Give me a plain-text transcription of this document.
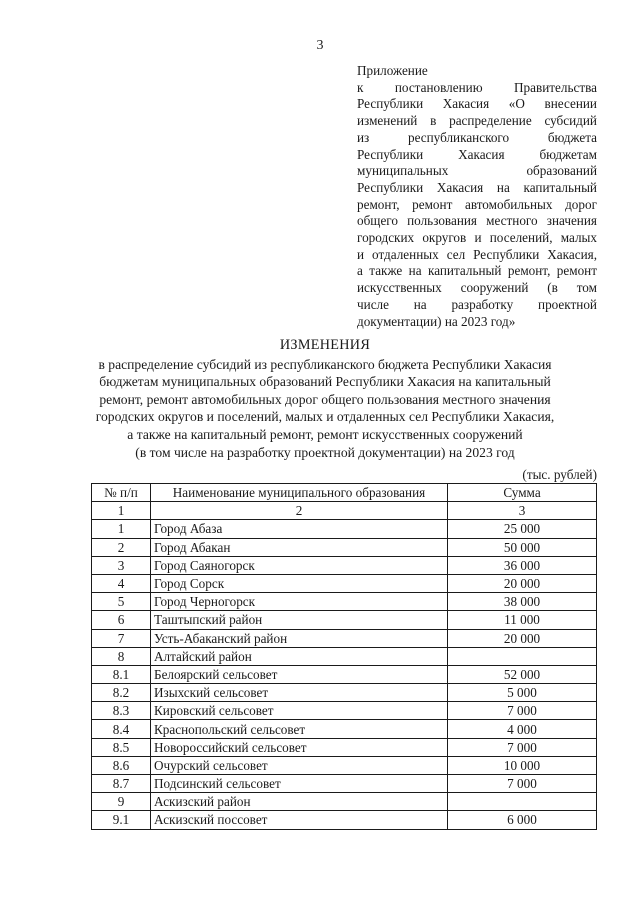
3
Приложение
к постановлению Правительства
Республики Хакасия «О внесении
изменений в распределение субсидий
из республиканского бюджета
Республики Хакасия бюджетам
муниципальных образований
Республики Хакасия на капитальный
ремонт, ремонт автомобильных дорог
общего пользования местного значения
городских округов и поселений, малых
и отдаленных сел Республики Хакасия,
а также на капитальный ремонт, ремонт
искусственных сооружений (в том
числе на разработку проектной
документации) на 2023 год»
ИЗМЕНЕНИЯ
в распределение субсидий из республиканского бюджета Республики Хакасия
бюджетам муниципальных образований Республики Хакасия на капитальный
ремонт, ремонт автомобильных дорог общего пользования местного значения
городских округов и поселений, малых и отдаленных сел Республики Хакасия,
а также на капитальный ремонт, ремонт искусственных сооружений
(в том числе на разработку проектной документации) на 2023 год
(тыс. рублей)
№ п/п	Наименование муниципального образования	Сумма
1	2	3
1	Город Абаза	25 000
2	Город Абакан	50 000
3	Город Саяногорск	36 000
4	Город Сорск	20 000
5	Город Черногорск	38 000
6	Таштыпский район	11 000
7	Усть-Абаканский район	20 000
8	Алтайский район	
8.1	Белоярский сельсовет	52 000
8.2	Изыхский сельсовет	5 000
8.3	Кировский сельсовет	7 000
8.4	Краснопольский сельсовет	4 000
8.5	Новороссийский сельсовет	7 000
8.6	Очурский сельсовет	10 000
8.7	Подсинский сельсовет	7 000
9	Аскизский район	
9.1	Аскизский поссовет	6 000
